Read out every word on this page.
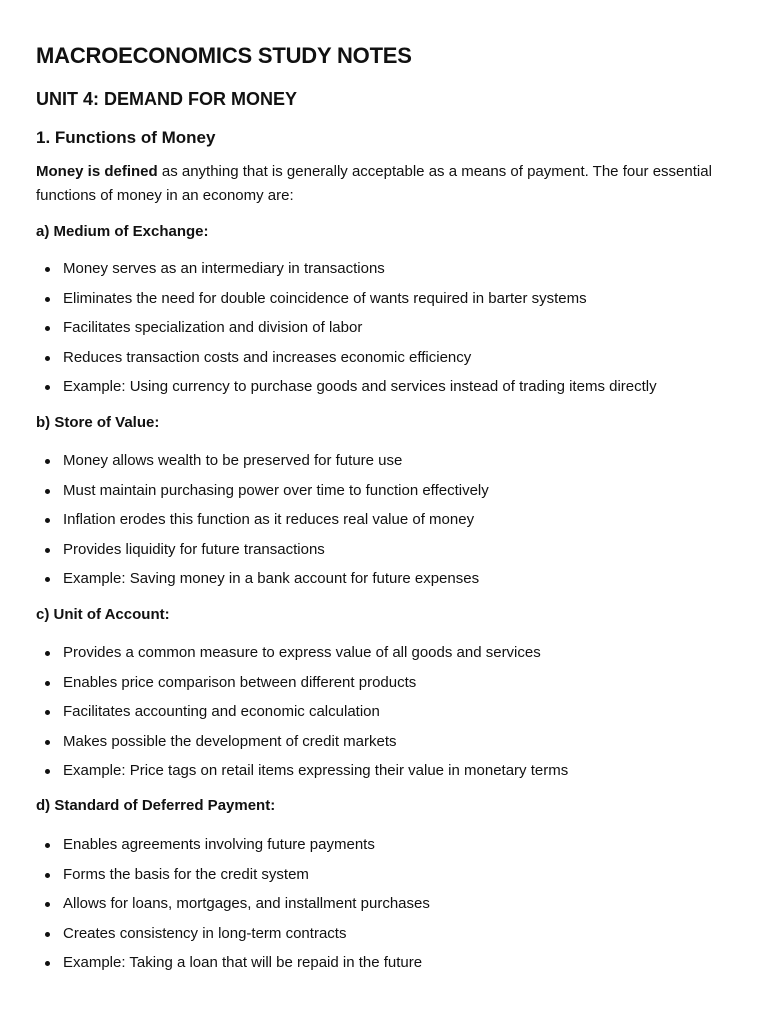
MACROECONOMICS STUDY NOTES
UNIT 4: DEMAND FOR MONEY
1. Functions of Money

Money is defined as anything that is generally acceptable as a means of payment. The four essential functions of money in an economy are:

a) Medium of Exchange:
Money serves as an intermediary in transactions
Eliminates the need for double coincidence of wants required in barter systems
Facilitates specialization and division of labor
Reduces transaction costs and increases economic efficiency
Example: Using currency to purchase goods and services instead of trading items directly
b) Store of Value:
Money allows wealth to be preserved for future use
Must maintain purchasing power over time to function effectively
Inflation erodes this function as it reduces real value of money
Provides liquidity for future transactions
Example: Saving money in a bank account for future expenses
c) Unit of Account:
Provides a common measure to express value of all goods and services
Enables price comparison between different products
Facilitates accounting and economic calculation
Makes possible the development of credit markets
Example: Price tags on retail items expressing their value in monetary terms
d) Standard of Deferred Payment:
Enables agreements involving future payments
Forms the basis for the credit system
Allows for loans, mortgages, and installment purchases
Creates consistency in long-term contracts
Example: Taking a loan that will be repaid in the future
